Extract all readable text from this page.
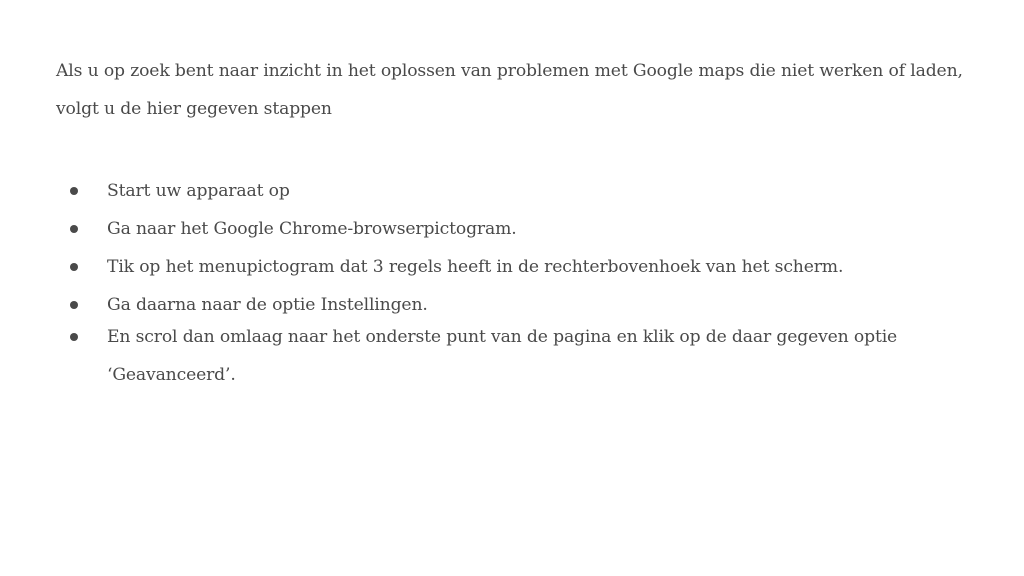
Als u op zoek bent naar inzicht in het oplossen van problemen met Google maps die niet werken of laden, volgt u de hier gegeven stappen

Start uw apparaat op
Ga naar het Google Chrome-browserpictogram.
Tik op het menupictogram dat 3 regels heeft in de rechterbovenhoek van het scherm.
Ga daarna naar de optie Instellingen.
En scrol dan omlaag naar het onderste punt van de pagina en klik op de daar gegeven optie ‘Geavanceerd’.
